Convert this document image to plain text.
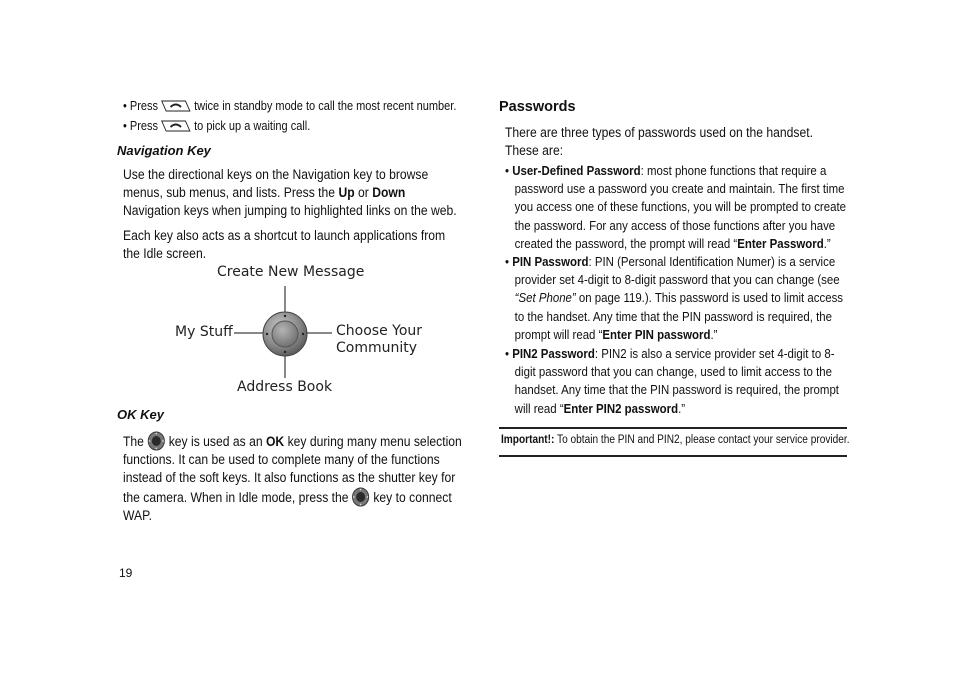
• Press	twice in standby mode to call the most recent number.
• Press	to pick up a waiting call.
Navigation Key
Use the directional keys on the Navigation key to browse menus, sub menus, and lists. Press the Up or Down Navigation keys when jumping to highlighted links on the web.
Each key also acts as a shortcut to launch applications from the Idle screen.
Create New Message
My Stuff	Choose Your
Community
Address Book
OK Key
The key is used as an OK key during many menu selection functions. It can be used to complete many of the functions instead of the soft keys. It also functions as the shutter key for the camera. When in Idle mode, press the key to connect WAP.
19
Passwords
There are three types of passwords used on the handset. These are:

• User-Defined Password: most phone functions that require a password use a password you create and maintain. The first time you access one of these functions, you will be prompted to create the password. For any access of those functions after you have created the password, the prompt will read “Enter Password.”

• PIN Password: PIN (Personal Identification Numer) is a service provider set 4-digit to 8-digit password that you can change (see “Set Phone” on page 119.). This password is used to limit access to the handset. Any time that the PIN password is required, the prompt will read “Enter PIN password.”

• PIN2 Password: PIN2 is also a service provider set 4-digit to 8-digit password that you can change, used to limit access to the handset. Any time that the PIN password is required, the prompt will read “Enter PIN2 password.”

Important!: To obtain the PIN and PIN2, please contact your service provider.
